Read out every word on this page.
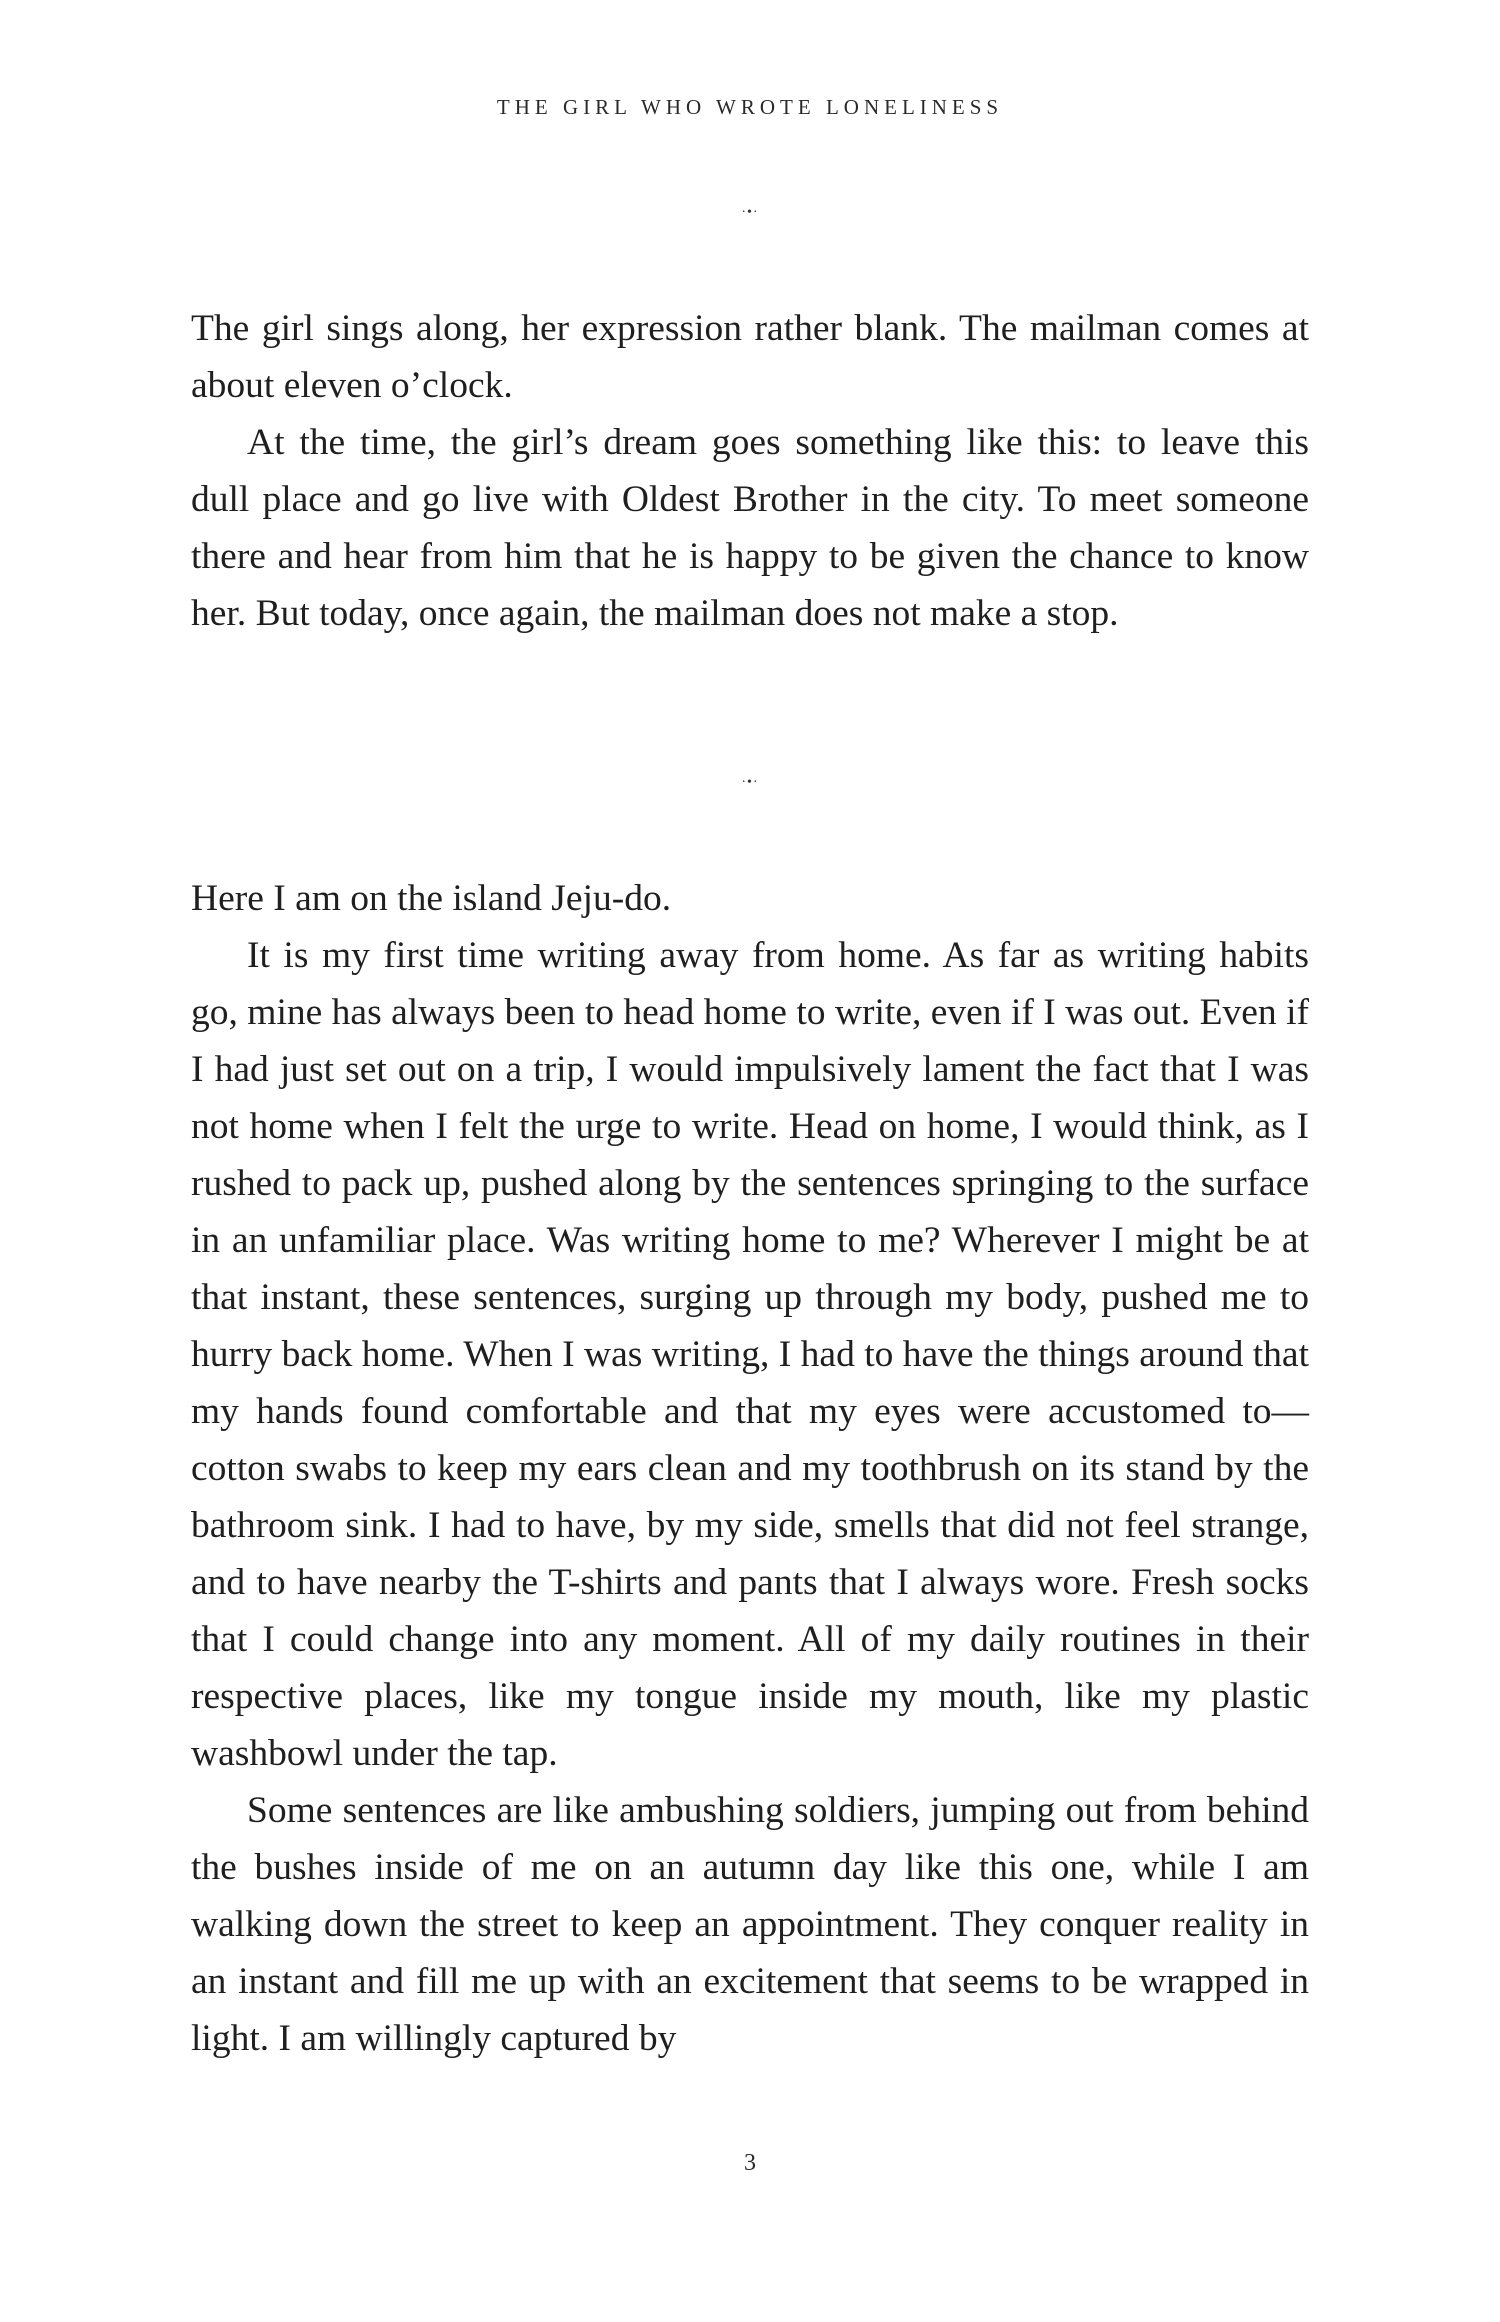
THE GIRL WHO WROTE LONELINESS
·•·

The girl sings along, her expression rather blank. The mailman comes at about eleven o’clock.

At the time, the girl’s dream goes something like this: to leave this dull place and go live with Oldest Brother in the city. To meet someone there and hear from him that he is happy to be given the chance to know her. But today, once again, the mailman does not make a stop.

·•·

Here I am on the island Jeju-do.

It is my first time writing away from home. As far as writing habits go, mine has always been to head home to write, even if I was out. Even if I had just set out on a trip, I would impulsively lament the fact that I was not home when I felt the urge to write. Head on home, I would think, as I rushed to pack up, pushed along by the sentences springing to the surface in an unfamiliar place. Was writing home to me? Wherever I might be at that instant, these sentences, surging up through my body, pushed me to hurry back home. When I was writing, I had to have the things around that my hands found comfortable and that my eyes were accustomed to—cotton swabs to keep my ears clean and my toothbrush on its stand by the bathroom sink. I had to have, by my side, smells that did not feel strange, and to have nearby the T-shirts and pants that I always wore. Fresh socks that I could change into any moment. All of my daily routines in their respective places, like my tongue inside my mouth, like my plastic washbowl under the tap.

Some sentences are like ambushing soldiers, jumping out from behind the bushes inside of me on an autumn day like this one, while I am walking down the street to keep an appointment. They conquer reality in an instant and fill me up with an excitement that seems to be wrapped in light. I am willingly captured by

3
